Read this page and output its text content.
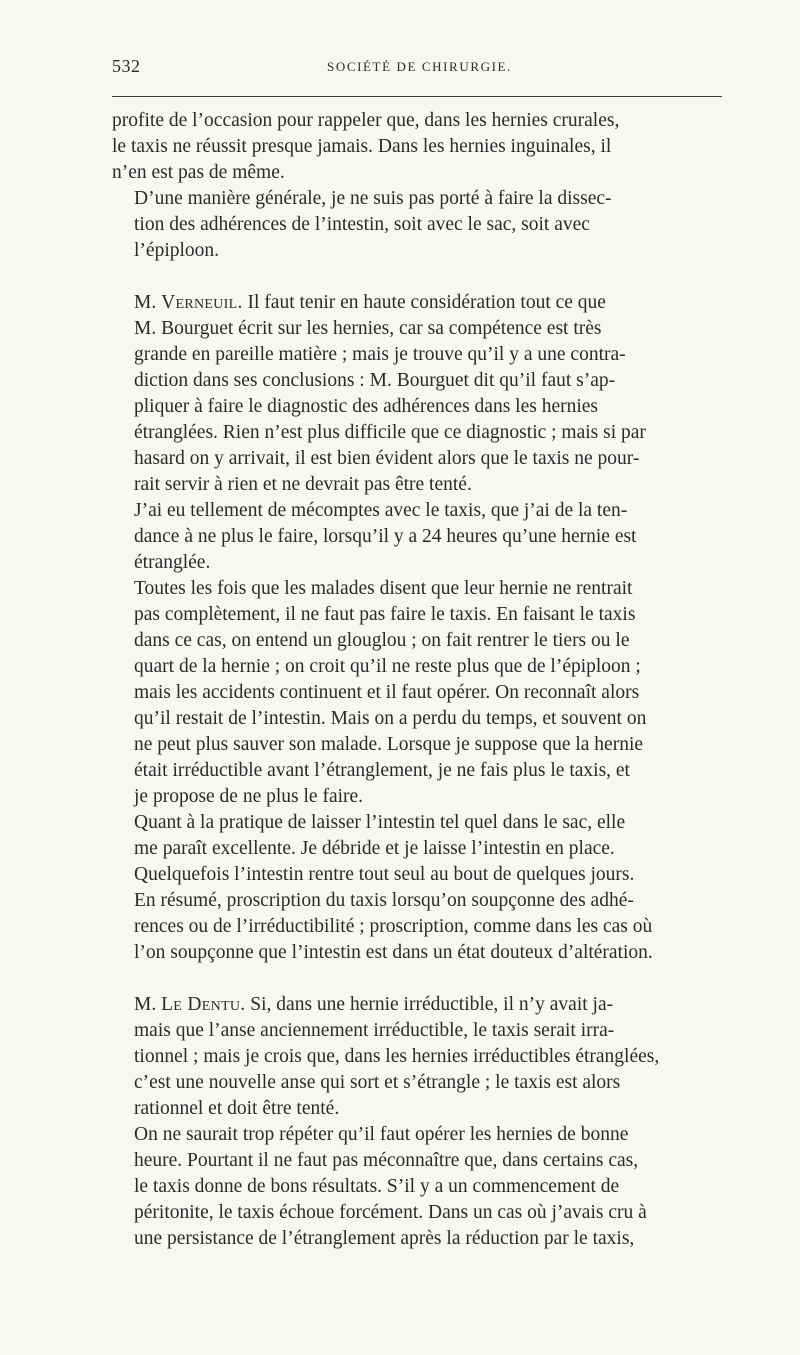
532	SOCIÉTÉ DE CHIRURGIE.

profite de l’occasion pour rappeler que, dans les hernies crurales,
le taxis ne réussit presque jamais. Dans les hernies inguinales, il
n’en est pas de même.

D’une manière générale, je ne suis pas porté à faire la dissec-
tion des adhérences de l’intestin, soit avec le sac, soit avec
l’épiploon.

M. Verneuil. Il faut tenir en haute considération tout ce que
M. Bourguet écrit sur les hernies, car sa compétence est très
grande en pareille matière ; mais je trouve qu’il y a une contra-
diction dans ses conclusions : M. Bourguet dit qu’il faut s’ap-
pliquer à faire le diagnostic des adhérences dans les hernies
étranglées. Rien n’est plus difficile que ce diagnostic ; mais si par
hasard on y arrivait, il est bien évident alors que le taxis ne pour-
rait servir à rien et ne devrait pas être tenté.

J’ai eu tellement de mécomptes avec le taxis, que j’ai de la ten-
dance à ne plus le faire, lorsqu’il y a 24 heures qu’une hernie est
étranglée.

Toutes les fois que les malades disent que leur hernie ne rentrait
pas complètement, il ne faut pas faire le taxis. En faisant le taxis
dans ce cas, on entend un glouglou ; on fait rentrer le tiers ou le
quart de la hernie ; on croit qu’il ne reste plus que de l’épiploon ;
mais les accidents continuent et il faut opérer. On reconnaît alors
qu’il restait de l’intestin. Mais on a perdu du temps, et souvent on
ne peut plus sauver son malade. Lorsque je suppose que la hernie
était irréductible avant l’étranglement, je ne fais plus le taxis, et
je propose de ne plus le faire.

Quant à la pratique de laisser l’intestin tel quel dans le sac, elle
me paraît excellente. Je débride et je laisse l’intestin en place.
Quelquefois l’intestin rentre tout seul au bout de quelques jours.

En résumé, proscription du taxis lorsqu’on soupçonne des adhé-
rences ou de l’irréductibilité ; proscription, comme dans les cas où
l’on soupçonne que l’intestin est dans un état douteux d’altération.

M. Le Dentu. Si, dans une hernie irréductible, il n’y avait ja-
mais que l’anse anciennement irréductible, le taxis serait irra-
tionnel ; mais je crois que, dans les hernies irréductibles étranglées,
c’est une nouvelle anse qui sort et s’étrangle ; le taxis est alors
rationnel et doit être tenté.

On ne saurait trop répéter qu’il faut opérer les hernies de bonne
heure. Pourtant il ne faut pas méconnaître que, dans certains cas,
le taxis donne de bons résultats. S’il y a un commencement de
péritonite, le taxis échoue forcément. Dans un cas où j’avais cru à
une persistance de l’étranglement après la réduction par le taxis,
